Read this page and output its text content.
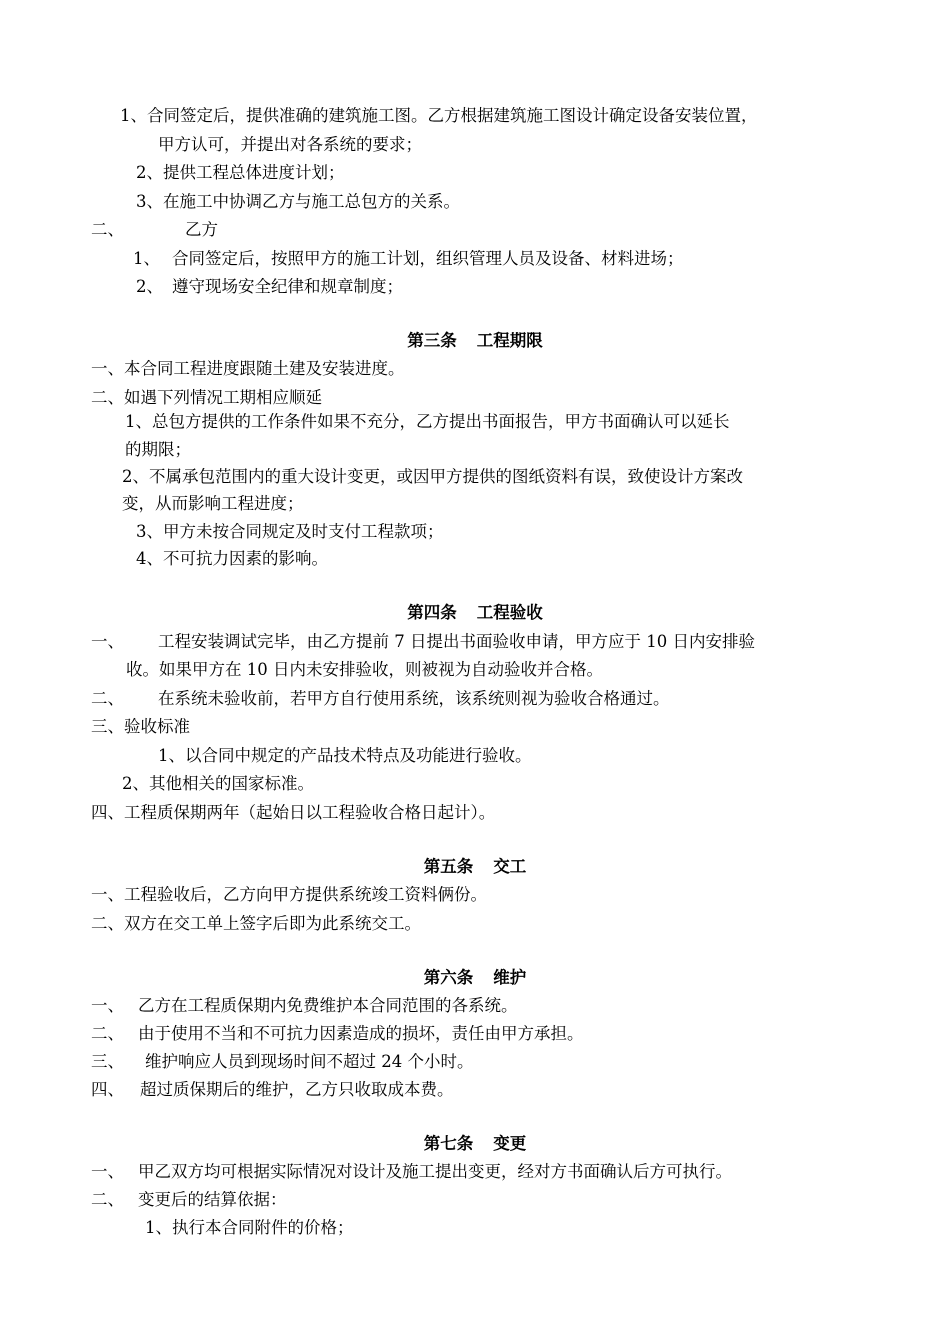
1、合同签定后，提供准确的建筑施工图。乙方根据建筑施工图设计确定设备安装位置，
甲方认可，并提出对各系统的要求；
2、提供工程总体进度计划；
3、在施工中协调乙方与施工总包方的关系。
二、	乙方
1、 合同签定后，按照甲方的施工计划，组织管理人员及设备、材料进场；
2、 遵守现场安全纪律和规章制度；
第三条 工程期限
一、本合同工程进度跟随土建及安装进度。
二、如遇下列情况工期相应顺延
1、总包方提供的工作条件如果不充分，乙方提出书面报告，甲方书面确认可以延长
的期限；
2、不属承包范围内的重大设计变更，或因甲方提供的图纸资料有误，致使设计方案改
变，从而影响工程进度；
3、甲方未按合同规定及时支付工程款项；
4、不可抗力因素的影响。
第四条 工程验收
一、 工程安装调试完毕，由乙方提前 7 日提出书面验收申请，甲方应于 10 日内安排验
收。如果甲方在 10 日内未安排验收，则被视为自动验收并合格。
二、 在系统未验收前，若甲方自行使用系统，该系统则视为验收合格通过。
三、验收标准
1、以合同中规定的产品技术特点及功能进行验收。
2、其他相关的国家标准。
四、工程质保期两年（起始日以工程验收合格日起计）。
第五条 交工
一、工程验收后，乙方向甲方提供系统竣工资料俩份。
二、双方在交工单上签字后即为此系统交工。
第六条 维护
一、 乙方在工程质保期内免费维护本合同范围的各系统。
二、 由于使用不当和不可抗力因素造成的损坏，责任由甲方承担。
三、 维护响应人员到现场时间不超过 24 个小时。
四、 超过质保期后的维护，乙方只收取成本费。
第七条 变更
一、 甲乙双方均可根据实际情况对设计及施工提出变更，经对方书面确认后方可执行。
二、 变更后的结算依据：
1、执行本合同附件的价格；
